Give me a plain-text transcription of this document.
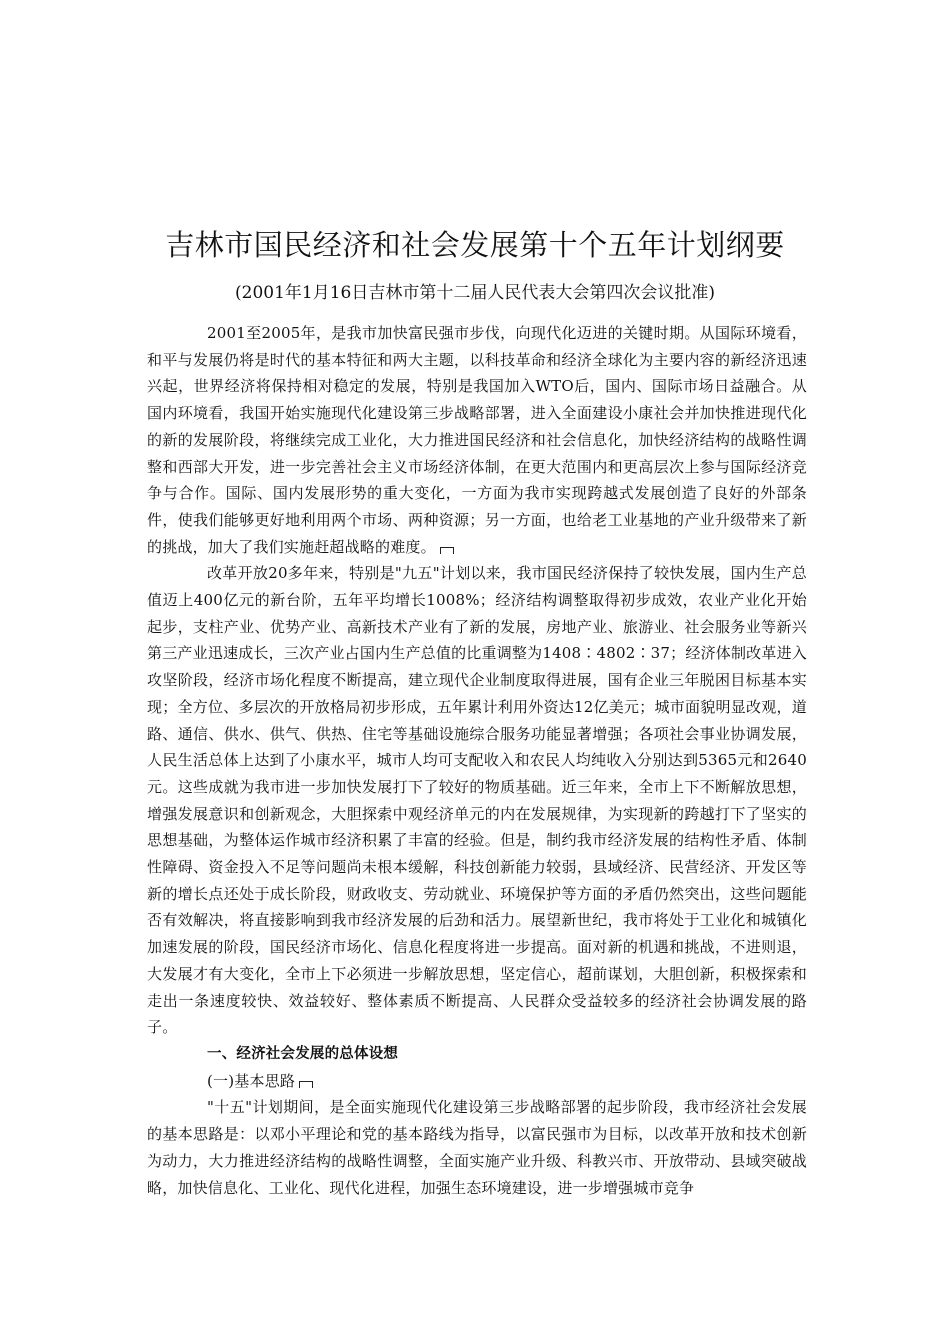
吉林市国民经济和社会发展第十个五年计划纲要
(2001年1月16日吉林市第十二届人民代表大会第四次会议批准)

2001至2005年，是我市加快富民强市步伐，向现代化迈进的关键时期。从国际环境看，和平与发展仍将是时代的基本特征和两大主题，以科技革命和经济全球化为主要内容的新经济迅速兴起，世界经济将保持相对稳定的发展，特别是我国加入WTO后，国内、国际市场日益融合。从国内环境看，我国开始实施现代化建设第三步战略部署，进入全面建设小康社会并加快推进现代化的新的发展阶段，将继续完成工业化，大力推进国民经济和社会信息化，加快经济结构的战略性调整和西部大开发，进一步完善社会主义市场经济体制，在更大范围内和更高层次上参与国际经济竞争与合作。国际、国内发展形势的重大变化，一方面为我市实现跨越式发展创造了良好的外部条件，使我们能够更好地利用两个市场、两种资源；另一方面，也给老工业基地的产业升级带来了新的挑战，加大了我们实施赶超战略的难度。

改革开放20多年来，特别是"九五"计划以来，我市国民经济保持了较快发展，国内生产总值迈上400亿元的新台阶，五年平均增长1008%；经济结构调整取得初步成效，农业产业化开始起步，支柱产业、优势产业、高新技术产业有了新的发展，房地产业、旅游业、社会服务业等新兴第三产业迅速成长，三次产业占国内生产总值的比重调整为1408∶4802∶37；经济体制改革进入攻坚阶段，经济市场化程度不断提高，建立现代企业制度取得进展，国有企业三年脱困目标基本实现；全方位、多层次的开放格局初步形成，五年累计利用外资达12亿美元；城市面貌明显改观，道路、通信、供水、供气、供热、住宅等基础设施综合服务功能显著增强；各项社会事业协调发展，人民生活总体上达到了小康水平，城市人均可支配收入和农民人均纯收入分别达到5365元和2640元。这些成就为我市进一步加快发展打下了较好的物质基础。近三年来，全市上下不断解放思想，增强发展意识和创新观念，大胆探索中观经济单元的内在发展规律，为实现新的跨越打下了坚实的思想基础，为整体运作城市经济积累了丰富的经验。但是，制约我市经济发展的结构性矛盾、体制性障碍、资金投入不足等问题尚未根本缓解，科技创新能力较弱，县域经济、民营经济、开发区等新的增长点还处于成长阶段，财政收支、劳动就业、环境保护等方面的矛盾仍然突出，这些问题能否有效解决，将直接影响到我市经济发展的后劲和活力。展望新世纪，我市将处于工业化和城镇化加速发展的阶段，国民经济市场化、信息化程度将进一步提高。面对新的机遇和挑战，不进则退，大发展才有大变化，全市上下必须进一步解放思想，坚定信心，超前谋划，大胆创新，积极探索和走出一条速度较快、效益较好、整体素质不断提高、人民群众受益较多的经济社会协调发展的路子。

一、经济社会发展的总体设想

(一)基本思路

"十五"计划期间，是全面实施现代化建设第三步战略部署的起步阶段，我市经济社会发展的基本思路是：以邓小平理论和党的基本路线为指导，以富民强市为目标，以改革开放和技术创新为动力，大力推进经济结构的战略性调整，全面实施产业升级、科教兴市、开放带动、县域突破战略，加快信息化、工业化、现代化进程，加强生态环境建设，进一步增强城市竞争
